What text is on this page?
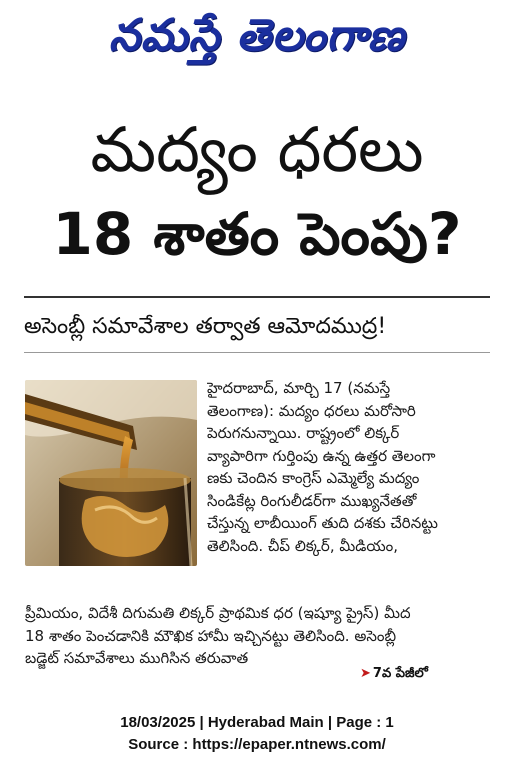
నమస్తే తెలంగాణ
మద్యం ధరలు
18 శాతం పెంపు?
అసెంబ్లీ సమావేశాల తర్వాత ఆమోదముద్ర!
హైదరాబాద్, మార్చి 17 (నమస్తే
తెలంగాణ): మద్యం ధరలు మరోసారి
పెరుగనున్నాయి. రాష్ట్రంలో లిక్కర్
వ్యాపారిగా గుర్తింపు ఉన్న ఉత్తర తెలంగా
ణకు చెందిన కాంగ్రెస్ ఎమ్మెల్యే మద్యం
సిండికేట్ల రింగులీడర్‌గా ముఖ్యనేతతో
చేస్తున్న లాబీయింగ్ తుది దశకు చేరినట్టు
తెలిసింది. చీప్ లిక్కర్, మీడియం,
ప్రీమియం, విదేశీ దిగుమతి లిక్కర్ ప్రాథమిక ధర (ఇష్యూ ప్రైస్) మీద
18 శాతం పెంచడానికి మౌఖిక హామీ ఇచ్చినట్టు తెలిసింది. అసెంబ్లీ
బడ్జెట్ సమావేశాలు ముగిసిన తరువాత
➤ 7వ పేజీలో
18/03/2025 | Hyderabad Main | Page : 1
Source : https://epaper.ntnews.com/
